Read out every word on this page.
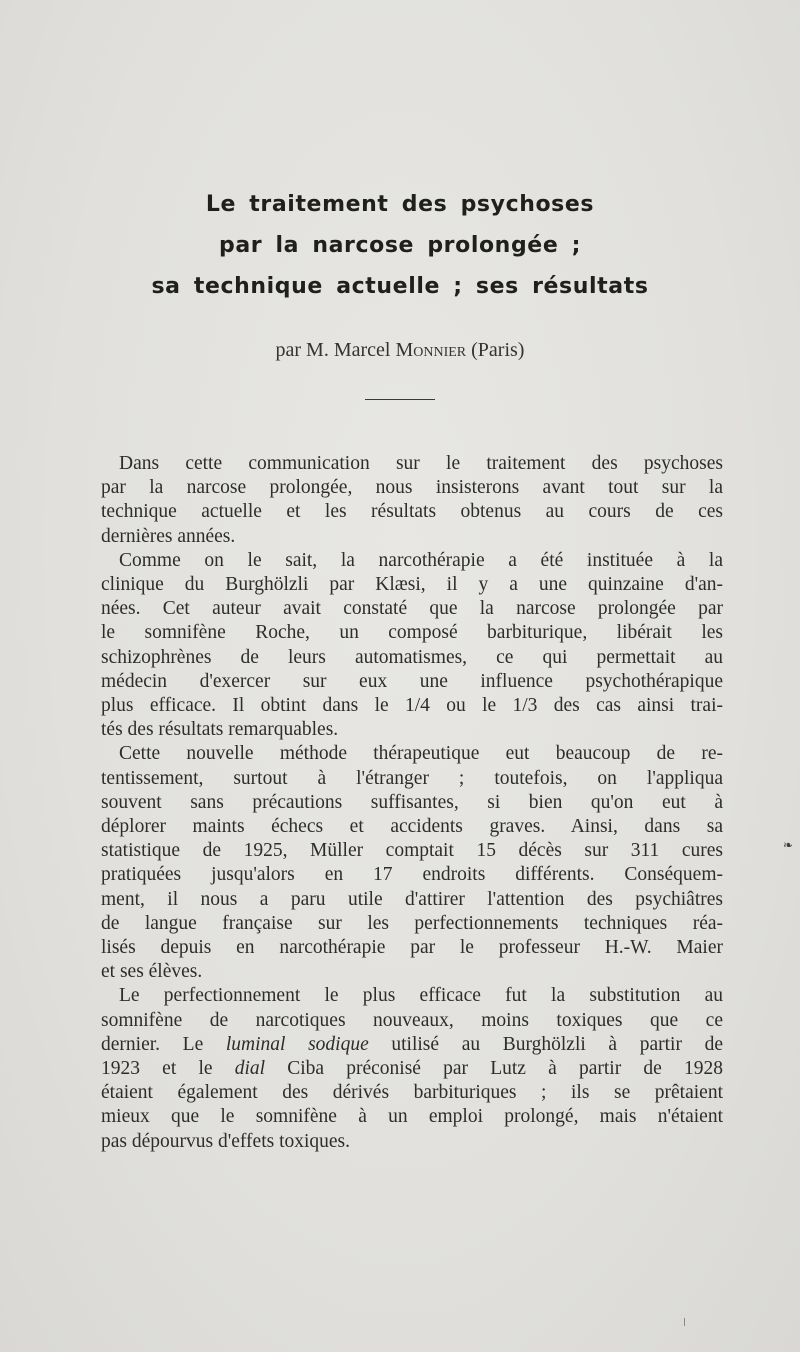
Le traitement des psychoses
par la narcose prolongée ;
sa technique actuelle ; ses résultats
par M. Marcel Monnier (Paris)

Dans cette communication sur le traitement des psychoses
par la narcose prolongée, nous insisterons avant tout sur la
technique actuelle et les résultats obtenus au cours de ces
dernières années.

Comme on le sait, la narcothérapie a été instituée à la
clinique du Burghölzli par Klæsi, il y a une quinzaine d'an-
nées. Cet auteur avait constaté que la narcose prolongée par
le somnifène Roche, un composé barbiturique, libérait les
schizophrènes de leurs automatismes, ce qui permettait au
médecin d'exercer sur eux une influence psychothérapique
plus efficace. Il obtint dans le 1/4 ou le 1/3 des cas ainsi trai-
tés des résultats remarquables.

Cette nouvelle méthode thérapeutique eut beaucoup de re-
tentissement, surtout à l'étranger ; toutefois, on l'appliqua
souvent sans précautions suffisantes, si bien qu'on eut à
déplorer maints échecs et accidents graves. Ainsi, dans sa
statistique de 1925, Müller comptait 15 décès sur 311 cures
pratiquées jusqu'alors en 17 endroits différents. Conséquem-
ment, il nous a paru utile d'attirer l'attention des psychiâtres
de langue française sur les perfectionnements techniques réa-
lisés depuis en narcothérapie par le professeur H.-W. Maier
et ses élèves.

Le perfectionnement le plus efficace fut la substitution au
somnifène de narcotiques nouveaux, moins toxiques que ce
dernier. Le luminal sodique utilisé au Burghölzli à partir de
1923 et le dial Ciba préconisé par Lutz à partir de 1928
étaient également des dérivés barbituriques ; ils se prêtaient
mieux que le somnifène à un emploi prolongé, mais n'étaient
pas dépourvus d'effets toxiques.

❧
